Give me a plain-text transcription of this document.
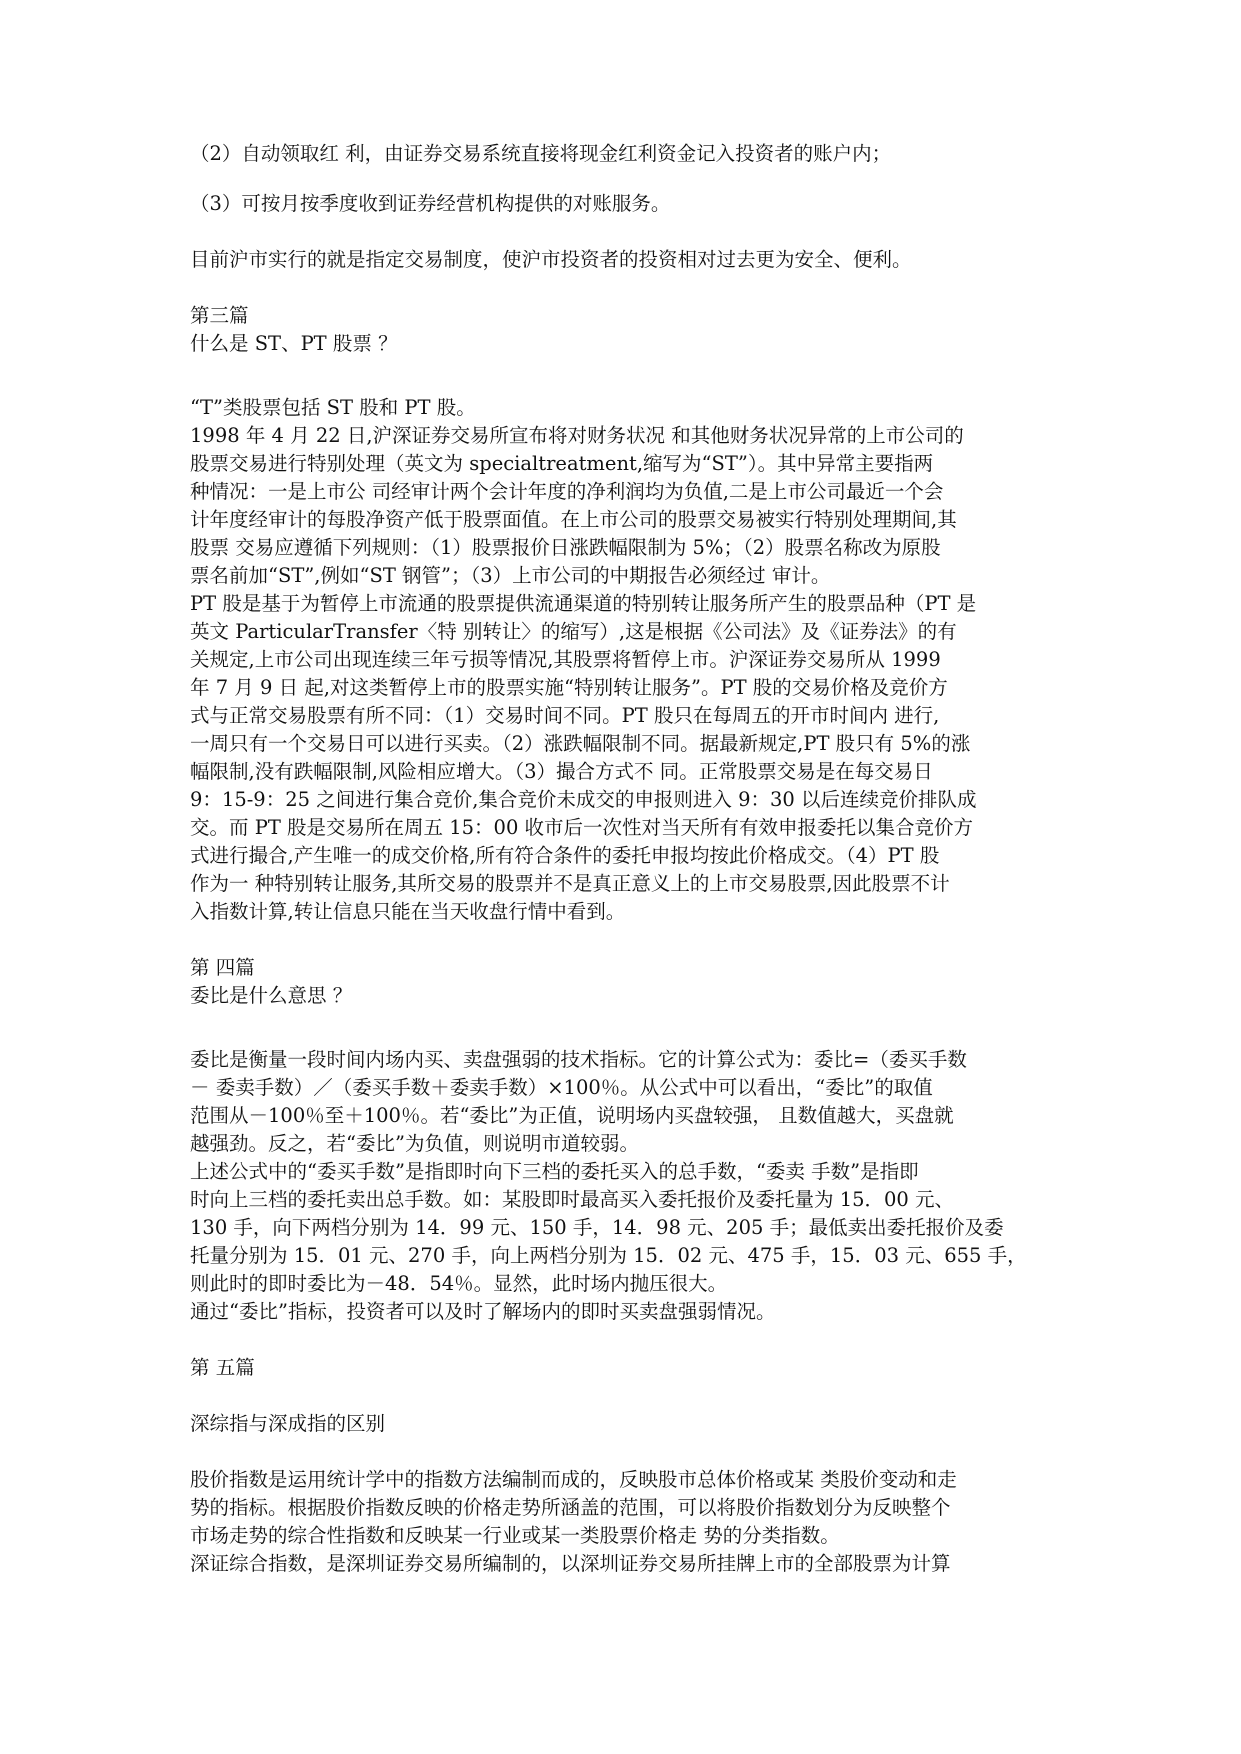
（2）自动领取红 利，由证券交易系统直接将现金红利资金记入投资者的账户内；

（3）可按月按季度收到证券经营机构提供的对账服务。

目前沪市实行的就是指定交易制度，使沪市投资者的投资相对过去更为安全、便利。

第三篇
什么是 ST、PT 股票 ？
“T”类股票包括 ST 股和 PT 股。
1998 年 4 月 22 日,沪深证券交易所宣布将对财务状况 和其他财务状况异常的上市公司的
股票交易进行特别处理（英文为 specialtreatment,缩写为“ST”）。其中异常主要指两
种情况：一是上市公 司经审计两个会计年度的净利润均为负值,二是上市公司最近一个会
计年度经审计的每股净资产低于股票面值。在上市公司的股票交易被实行特别处理期间,其
股票 交易应遵循下列规则：（1）股票报价日涨跌幅限制为 5%；（2）股票名称改为原股
票名前加“ST”,例如“ST 钢管”；（3）上市公司的中期报告必须经过 审计。
PT 股是基于为暂停上市流通的股票提供流通渠道的特别转让服务所产生的股票品种（PT 是
英文 ParticularTransfer〈特 别转让〉的缩写）,这是根据《公司法》及《证券法》的有
关规定,上市公司出现连续三年亏损等情况,其股票将暂停上市。沪深证券交易所从 1999
年 7 月 9 日 起,对这类暂停上市的股票实施“特别转让服务”。PT 股的交易价格及竞价方
式与正常交易股票有所不同：（1）交易时间不同。PT 股只在每周五的开市时间内 进行,
一周只有一个交易日可以进行买卖。（2）涨跌幅限制不同。据最新规定,PT 股只有 5%的涨
幅限制,没有跌幅限制,风险相应增大。（3）撮合方式不 同。正常股票交易是在每交易日
9：15-9：25 之间进行集合竞价,集合竞价未成交的申报则进入 9：30 以后连续竞价排队成
交。而 PT 股是交易所在周五 15：00 收市后一次性对当天所有有效申报委托以集合竞价方
式进行撮合,产生唯一的成交价格,所有符合条件的委托申报均按此价格成交。（4）PT 股
作为一 种特别转让服务,其所交易的股票并不是真正意义上的上市交易股票,因此股票不计
入指数计算,转让信息只能在当天收盘行情中看到。
第 四篇
委比是什么意思 ？
委比是衡量一段时间内场内买、卖盘强弱的技术指标。它的计算公式为：委比=（委买手数
－ 委卖手数）／（委买手数＋委卖手数）×100％。从公式中可以看出，“委比”的取值
范围从－100％至＋100％。若“委比”为正值，说明场内买盘较强， 且数值越大，买盘就
越强劲。反之，若“委比”为负值，则说明市道较弱。
上述公式中的“委买手数”是指即时向下三档的委托买入的总手数，“委卖 手数”是指即
时向上三档的委托卖出总手数。如：某股即时最高买入委托报价及委托量为 15．00 元、
130 手，向下两档分别为 14．99 元、150 手，14．98 元、205 手；最低卖出委托报价及委
托量分别为 15．01 元、270 手，向上两档分别为 15．02 元、475 手，15．03 元、655 手，
则此时的即时委比为－48．54％。显然，此时场内抛压很大。
通过“委比”指标，投资者可以及时了解场内的即时买卖盘强弱情况。
第 五篇
深综指与深成指的区别
股价指数是运用统计学中的指数方法编制而成的，反映股市总体价格或某 类股价变动和走
势的指标。根据股价指数反映的价格走势所涵盖的范围，可以将股价指数划分为反映整个
市场走势的综合性指数和反映某一行业或某一类股票价格走 势的分类指数。
深证综合指数，是深圳证券交易所编制的，以深圳证券交易所挂牌上市的全部股票为计算
